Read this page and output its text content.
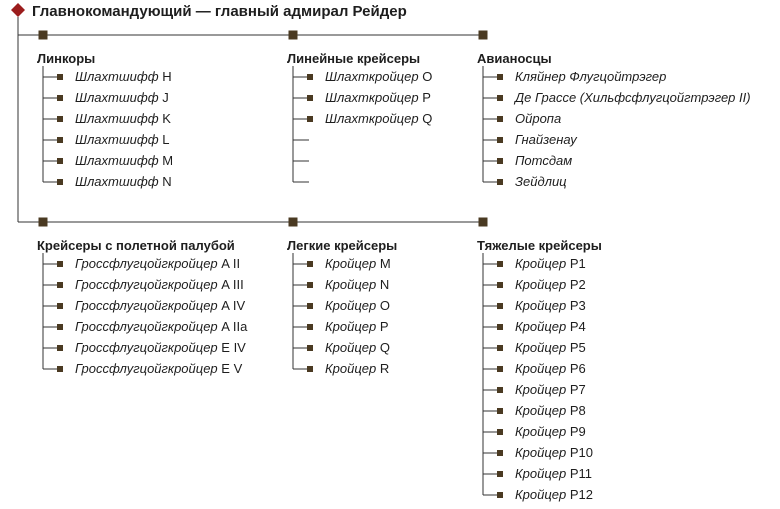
Главнокомандующий — главный адмирал Рейдер
Линкоры
Шлахтшифф H
Шлахтшифф J
Шлахтшифф K
Шлахтшифф L
Шлахтшифф M
Шлахтшифф N
Линейные крейсеры
Шлахткройцер O
Шлахткройцер P
Шлахткройцер Q
Авианосцы
Кляйнер Флугцойтрэгер
Де Грассе (Хильфсфлугцойгтрэгер II)
Ойропа
Гнайзенау
Потсдам
Зейдлиц
Крейсеры с полетной палубой
Гроссфлугцойгкройцер A II
Гроссфлугцойгкройцер A III
Гроссфлугцойгкройцер A IV
Гроссфлугцойгкройцер A IIa
Гроссфлугцойгкройцер E IV
Гроссфлугцойгкройцер E V
Легкие крейсеры
Кройцер M
Кройцер N
Кройцер O
Кройцер P
Кройцер Q
Кройцер R
Тяжелые крейсеры
Кройцер P1
Кройцер P2
Кройцер P3
Кройцер P4
Кройцер P5
Кройцер P6
Кройцер P7
Кройцер P8
Кройцер P9
Кройцер P10
Кройцер P11
Кройцер P12
